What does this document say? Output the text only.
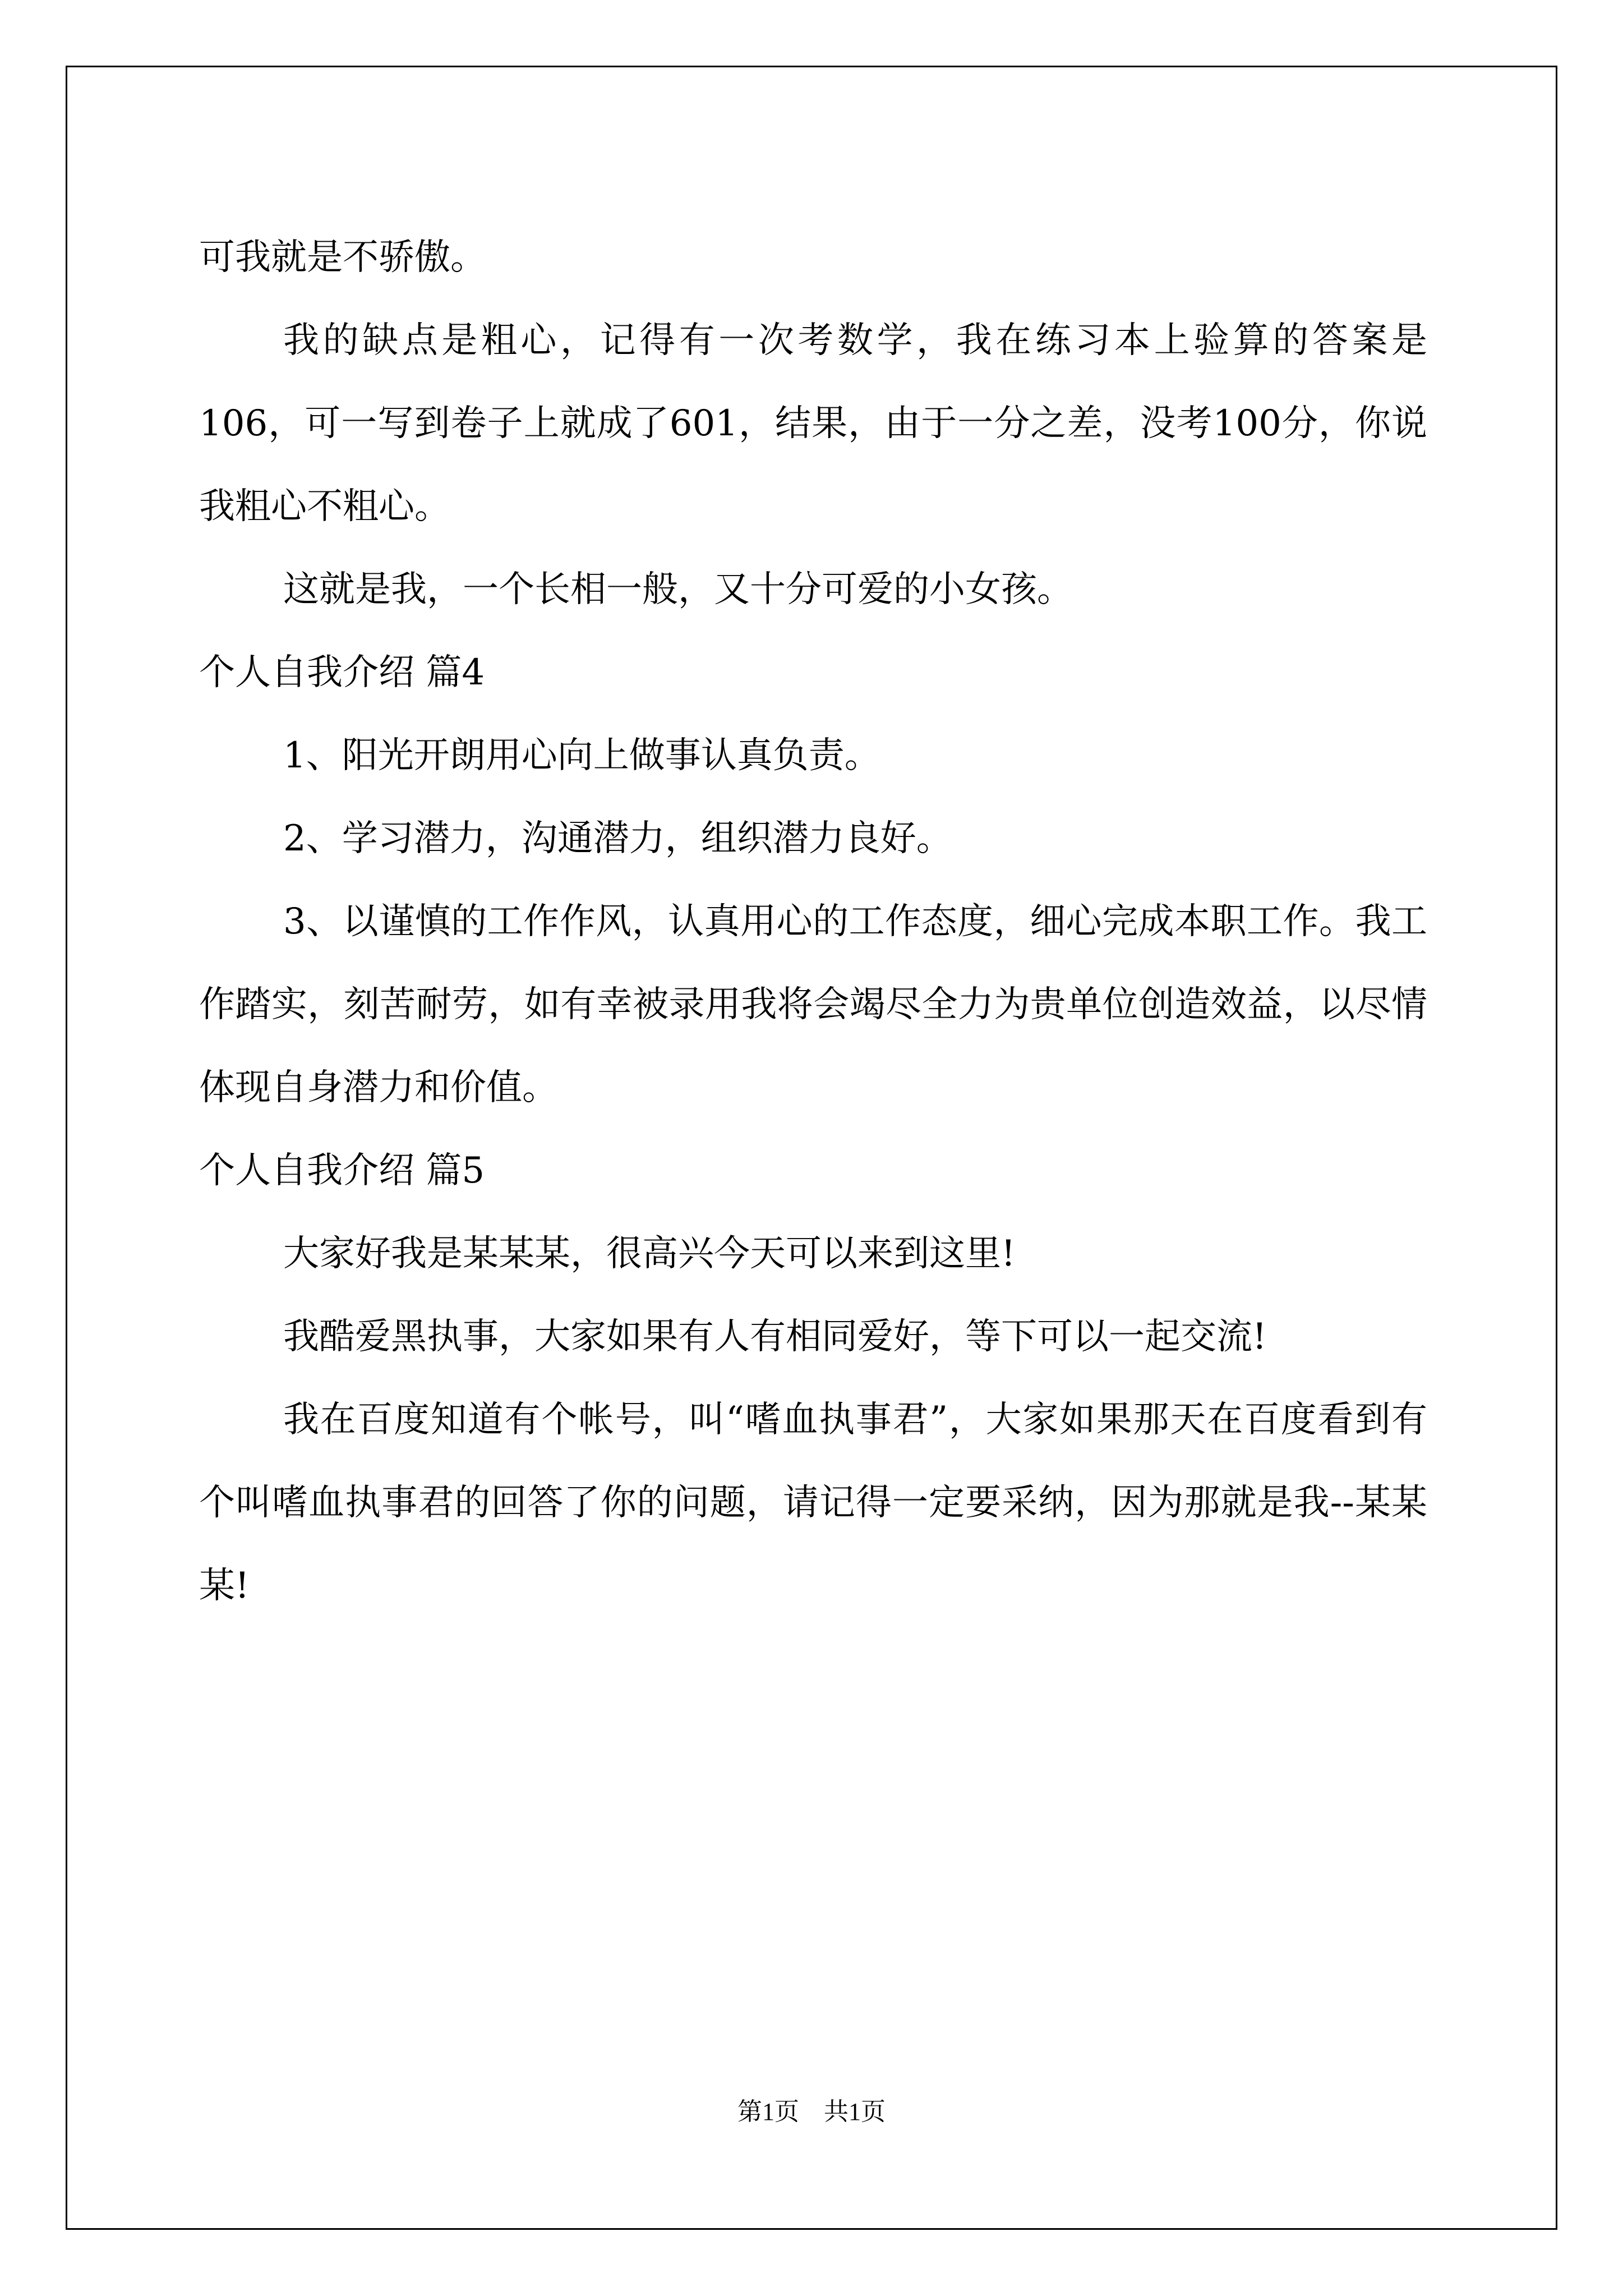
可我就是不骄傲。

我的缺点是粗心，记得有一次考数学，我在练习本上验算的答案是106，可一写到卷子上就成了601，结果，由于一分之差，没考100分，你说我粗心不粗心。

这就是我，一个长相一般，又十分可爱的小女孩。

个人自我介绍 篇4

1、阳光开朗用心向上做事认真负责。

2、学习潜力，沟通潜力，组织潜力良好。

3、以谨慎的工作作风，认真用心的工作态度，细心完成本职工作。我工作踏实，刻苦耐劳，如有幸被录用我将会竭尽全力为贵单位创造效益，以尽情体现自身潜力和价值。

个人自我介绍 篇5

大家好我是某某某，很高兴今天可以来到这里!

我酷爱黑执事，大家如果有人有相同爱好，等下可以一起交流!

我在百度知道有个帐号，叫“嗜血执事君”，大家如果那天在百度看到有个叫嗜血执事君的回答了你的问题，请记得一定要采纳，因为那就是我--某某某!

第1页　共1页
